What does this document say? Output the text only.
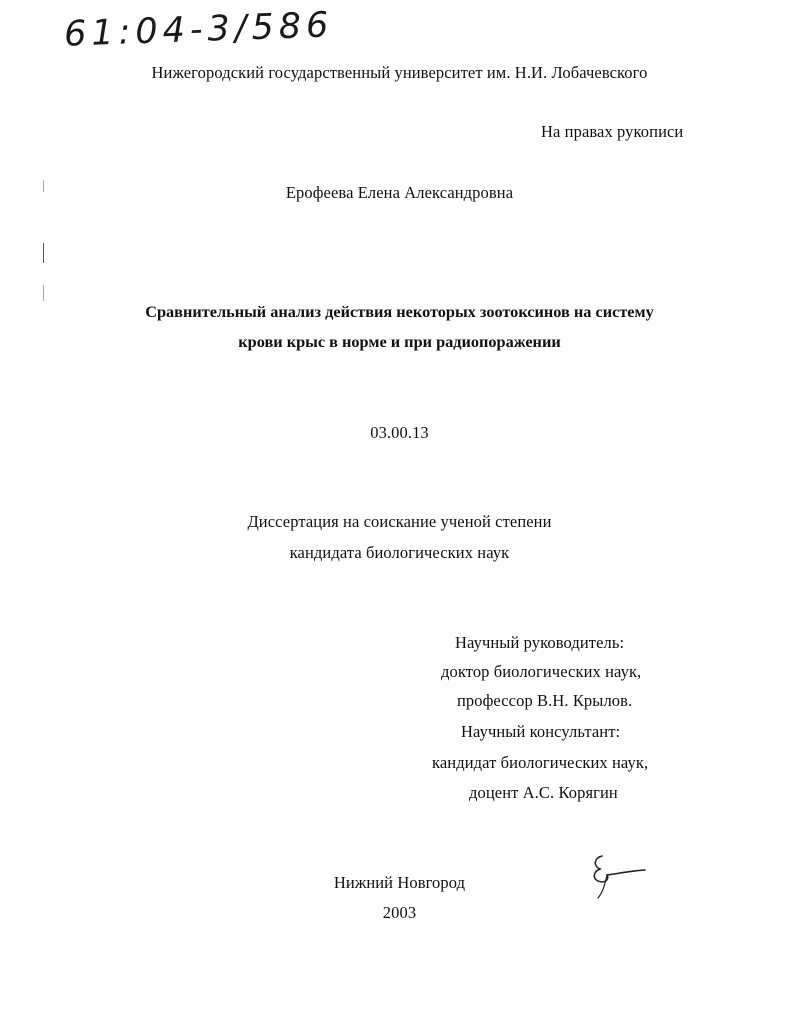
61:04-3/586
Нижегородский государственный университет им. Н.И. Лобачевского
На правах рукописи
Ерофеева Елена Александровна
Сравнительный анализ действия некоторых зоотоксинов на систему
крови крыс в норме и при радиопоражении
03.00.13
Диссертация на соискание ученой степени
кандидата биологических наук
Научный руководитель:
доктор биологических наук,
профессор В.Н. Крылов.
Научный консультант:
кандидат биологических наук,
доцент А.С. Корягин
Нижний Новгород
2003
